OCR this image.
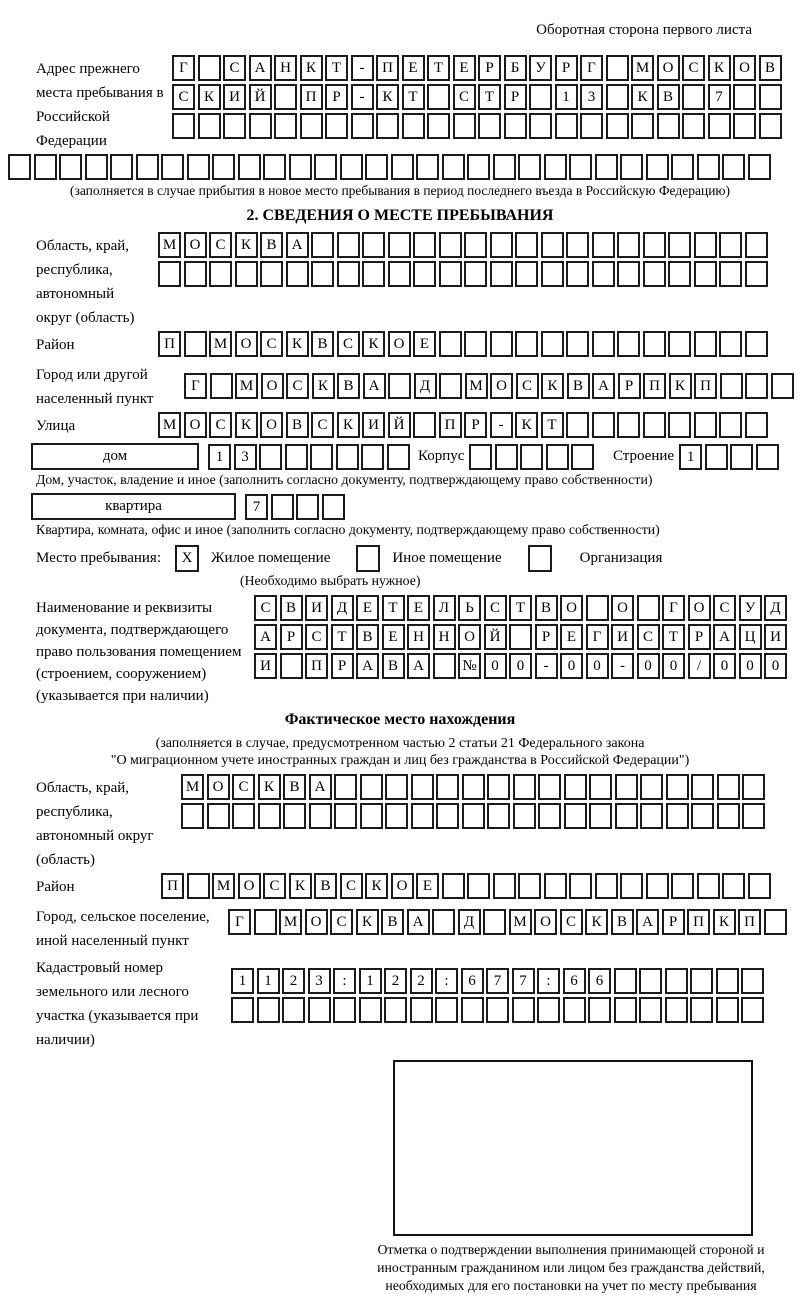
Оборотная сторона первого листа
Адрес прежнего места пребывания в Российской Федерации
Г	С А Н К Т - П Е Т Е Р Б У Р Г	М О С К О В
С К И Й	П Р - К Т	С Т Р	1 3	К В	7
(заполняется в случае прибытия в новое место пребывания в период последнего въезда в Российскую Федерацию)
2. СВЕДЕНИЯ О МЕСТЕ ПРЕБЫВАНИЯ
Область, край, республика, автономный округ (область)
М О С К В А
Район	П	М О С К В С К О Е
Город или другой населенный пункт
Г	М О С К В А	Д	М О С К В А Р П К П
Улица	М О С К О В С К И Й	П Р - К Т
дом	1 3	Корпус	Строение 1
Дом, участок, владение и иное (заполнить согласно документу, подтверждающему право собственности)
квартира	7
Квартира, комната, офис и иное (заполнить согласно документу, подтверждающему право собственности)
Место пребывания:	X	Жилое помещение	Иное помещение	Организация
(Необходимо выбрать нужное)
Наименование и реквизиты документа, подтверждающего право пользования помещением (строением, сооружением) (указывается при наличии)
С В И Д Е Т Е Л Ь С Т В О	О	Г О С У Д
А Р С Т В Е Н Н О Й	Р Е Г И С Т Р А Ц И
И	П Р А В А	№ 0 0 - 0 0 - 0 0 / 0 0 0
Фактическое место нахождения
(заполняется в случае, предусмотренном частью 2 статьи 21 Федерального закона
"О миграционном учете иностранных граждан и лиц без гражданства в Российской Федерации")
Область, край, республика, автономный округ (область)
М О С К В А
Район	П	М О С К В С К О Е
Город, сельское поселение, иной населенный пункт
Г	М О С К В А	Д	М О С К В А Р П К П
Кадастровый номер земельного или лесного участка (указывается при наличии)
1 1 2 3 : 1 2 2 : 6 7 7 : 6 6
Отметка о подтверждении выполнения принимающей стороной и иностранным гражданином или лицом без гражданства действий, необходимых для его постановки на учет по месту пребывания
